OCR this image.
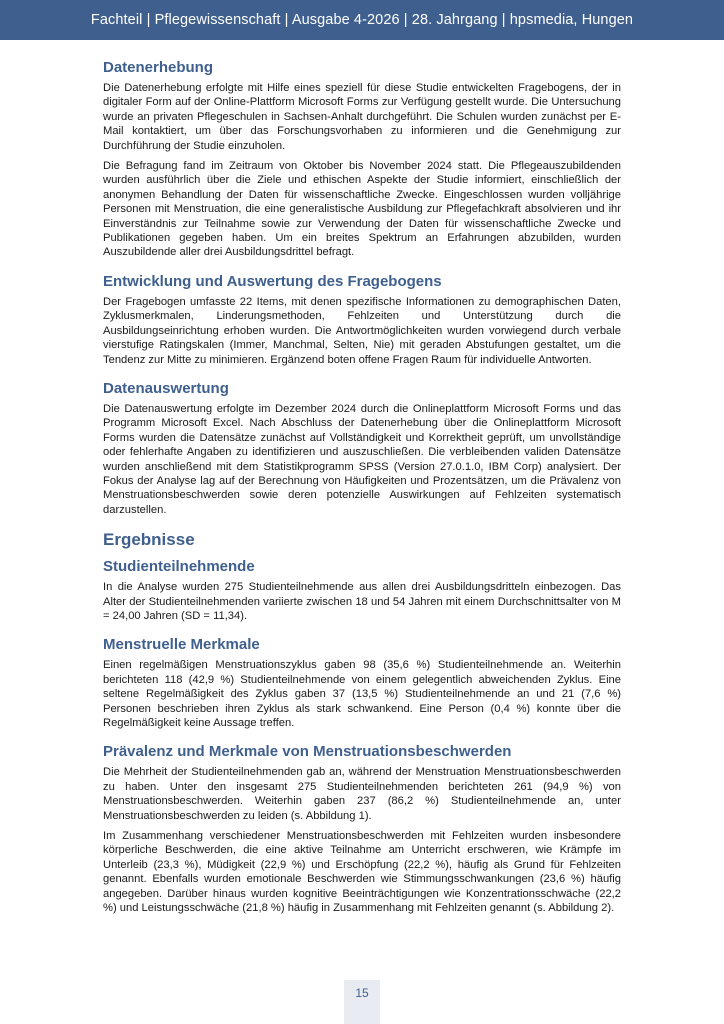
Fachteil | Pflegewissenschaft | Ausgabe 4-2026 | 28. Jahrgang | hpsmedia, Hungen
Datenerhebung

Die Datenerhebung erfolgte mit Hilfe eines speziell für diese Studie entwickelten Fragebogens, der in digitaler Form auf der Online-Plattform Microsoft Forms zur Verfügung gestellt wurde. Die Untersuchung wurde an privaten Pflegeschulen in Sachsen-Anhalt durchgeführt. Die Schulen wurden zunächst per E-Mail kontaktiert, um über das Forschungsvorhaben zu informieren und die Genehmigung zur Durchführung der Studie einzuholen.

Die Befragung fand im Zeitraum von Oktober bis November 2024 statt. Die Pflegeauszubildenden wurden ausführlich über die Ziele und ethischen Aspekte der Studie informiert, einschließlich der anonymen Behandlung der Daten für wissenschaftliche Zwecke. Eingeschlossen wurden volljährige Personen mit Menstruation, die eine generalistische Ausbildung zur Pflegefachkraft absolvieren und ihr Einverständnis zur Teilnahme sowie zur Verwendung der Daten für wissenschaftliche Zwecke und Publikationen gegeben haben. Um ein breites Spektrum an Erfahrungen abzubilden, wurden Auszubildende aller drei Ausbildungsdrittel befragt.

Entwicklung und Auswertung des Fragebogens

Der Fragebogen umfasste 22 Items, mit denen spezifische Informationen zu demographischen Daten, Zyklusmerkmalen, Linderungsmethoden, Fehlzeiten und Unterstützung durch die Ausbildungseinrichtung erhoben wurden. Die Antwortmöglichkeiten wurden vorwiegend durch verbale vierstufige Ratingskalen (Immer, Manchmal, Selten, Nie) mit geraden Abstufungen gestaltet, um die Tendenz zur Mitte zu minimieren. Ergänzend boten offene Fragen Raum für individuelle Antworten.

Datenauswertung

Die Datenauswertung erfolgte im Dezember 2024 durch die Onlineplattform Microsoft Forms und das Programm Microsoft Excel. Nach Abschluss der Datenerhebung über die Onlineplattform Microsoft Forms wurden die Datensätze zunächst auf Vollständigkeit und Korrektheit geprüft, um unvollständige oder fehlerhafte Angaben zu identifizieren und auszuschließen. Die verbleibenden validen Datensätze wurden anschließend mit dem Statistikprogramm SPSS (Version 27.0.1.0, IBM Corp) analysiert. Der Fokus der Analyse lag auf der Berechnung von Häufigkeiten und Prozentsätzen, um die Prävalenz von Menstruationsbeschwerden sowie deren potenzielle Auswirkungen auf Fehlzeiten systematisch darzustellen.

Ergebnisse
Studienteilnehmende

In die Analyse wurden 275 Studienteilnehmende aus allen drei Ausbildungsdritteln einbezogen. Das Alter der Studienteilnehmenden variierte zwischen 18 und 54 Jahren mit einem Durchschnittsalter von M = 24,00 Jahren (SD = 11,34).

Menstruelle Merkmale

Einen regelmäßigen Menstruationszyklus gaben 98 (35,6 %) Studienteilnehmende an. Weiterhin berichteten 118 (42,9 %) Studienteilnehmende von einem gelegentlich abweichenden Zyklus. Eine seltene Regelmäßigkeit des Zyklus gaben 37 (13,5 %) Studienteilnehmende an und 21 (7,6 %) Personen beschrieben ihren Zyklus als stark schwankend. Eine Person (0,4 %) konnte über die Regelmäßigkeit keine Aussage treffen.

Prävalenz und Merkmale von Menstruationsbeschwerden

Die Mehrheit der Studienteilnehmenden gab an, während der Menstruation Menstruationsbeschwerden zu haben. Unter den insgesamt 275 Studienteilnehmenden berichteten 261 (94,9 %) von Menstruationsbeschwerden. Weiterhin gaben 237 (86,2 %) Studienteilnehmende an, unter Menstruationsbeschwerden zu leiden (s. Abbildung 1).

Im Zusammenhang verschiedener Menstruationsbeschwerden mit Fehlzeiten wurden insbesondere körperliche Beschwerden, die eine aktive Teilnahme am Unterricht erschweren, wie Krämpfe im Unterleib (23,3 %), Müdigkeit (22,9 %) und Erschöpfung (22,2 %), häufig als Grund für Fehlzeiten genannt. Ebenfalls wurden emotionale Beschwerden wie Stimmungsschwankungen (23,6 %) häufig angegeben. Darüber hinaus wurden kognitive Beeinträchtigungen wie Konzentrationsschwäche (22,2 %) und Leistungsschwäche (21,8 %) häufig in Zusammenhang mit Fehlzeiten genannt (s. Abbildung 2).

15
